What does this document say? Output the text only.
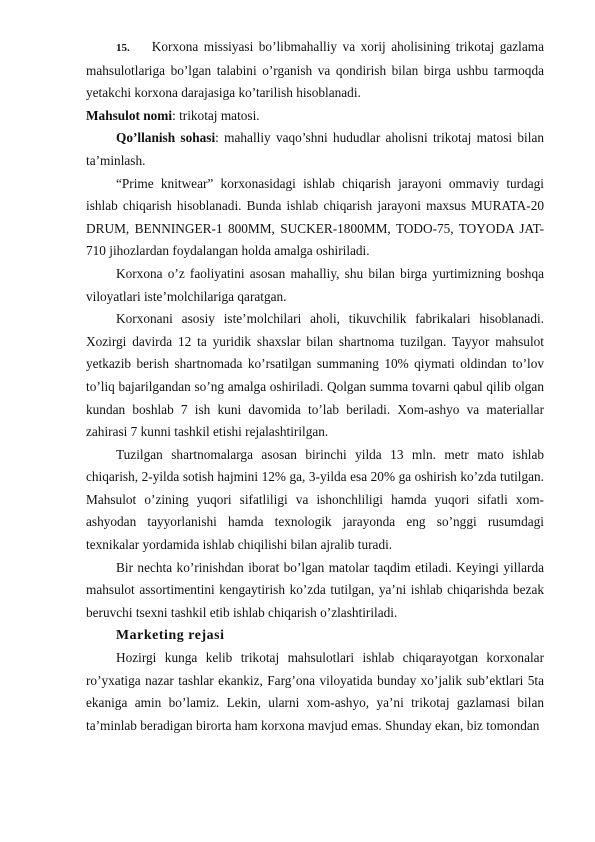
15. Korxona missiyasi bo’libmahalliy va xorij aholisining trikotaj gazlama mahsulotlariga bo’lgan talabini o’rganish va qondirish bilan birga ushbu tarmoqda yetakchi korxona darajasiga ko’tarilish hisoblanadi.

Mahsulot nomi: trikotaj matosi.

Qo’llanish sohasi: mahalliy vaqo’shni hududlar aholisni trikotaj matosi bilan ta’minlash.

“Prime knitwear” korxonasidagi ishlab chiqarish jarayoni ommaviy turdagi ishlab chiqarish hisoblanadi. Bunda ishlab chiqarish jarayoni maxsus MURATA-20 DRUM, BENNINGER-1 800MM, SUCKER-1800MM, TODO-75, TOYODA JAT-710 jihozlardan foydalangan holda amalga oshiriladi.

Korxona o’z faoliyatini asosan mahalliy, shu bilan birga yurtimizning boshqa viloyatlari iste’molchilariga qaratgan.

Korxonani asosiy iste’molchilari aholi, tikuvchilik fabrikalari hisoblanadi. Xozirgi davirda 12 ta yuridik shaxslar bilan shartnoma tuzilgan. Tayyor mahsulot yetkazib berish shartnomada ko’rsatilgan summaning 10% qiymati oldindan to’lov to’liq bajarilgandan so’ng amalga oshiriladi. Qolgan summa tovarni qabul qilib olgan kundan boshlab 7 ish kuni davomida to’lab beriladi. Xom-ashyo va materiallar zahirasi 7 kunni tashkil etishi rejalashtirilgan.

Tuzilgan shartnomalarga asosan birinchi yilda 13 mln. metr mato ishlab chiqarish, 2-yilda sotish hajmini 12% ga, 3-yilda esa 20% ga oshirish ko’zda tutilgan. Mahsulot o’zining yuqori sifatliligi va ishonchliligi hamda yuqori sifatli xom-ashyodan tayyorlanishi hamda texnologik jarayonda eng so’nggi rusumdagi texnikalar yordamida ishlab chiqilishi bilan ajralib turadi.

Bir nechta ko’rinishdan iborat bo’lgan matolar taqdim etiladi. Keyingi yillarda mahsulot assortimentini kengaytirish ko’zda tutilgan, ya’ni ishlab chiqarishda bezak beruvchi tsexni tashkil etib ishlab chiqarish o’zlashtiriladi.

Marketing rejasi

Hozirgi kunga kelib trikotaj mahsulotlari ishlab chiqarayotgan korxonalar ro’yxatiga nazar tashlar ekankiz, Farg’ona viloyatida bunday xo’jalik sub’ektlari 5ta ekaniga amin bo’lamiz. Lekin, ularni xom-ashyo, ya’ni trikotaj gazlamasi bilan ta’minlab beradigan birorta ham korxona mavjud emas. Shunday ekan, biz tomondan
